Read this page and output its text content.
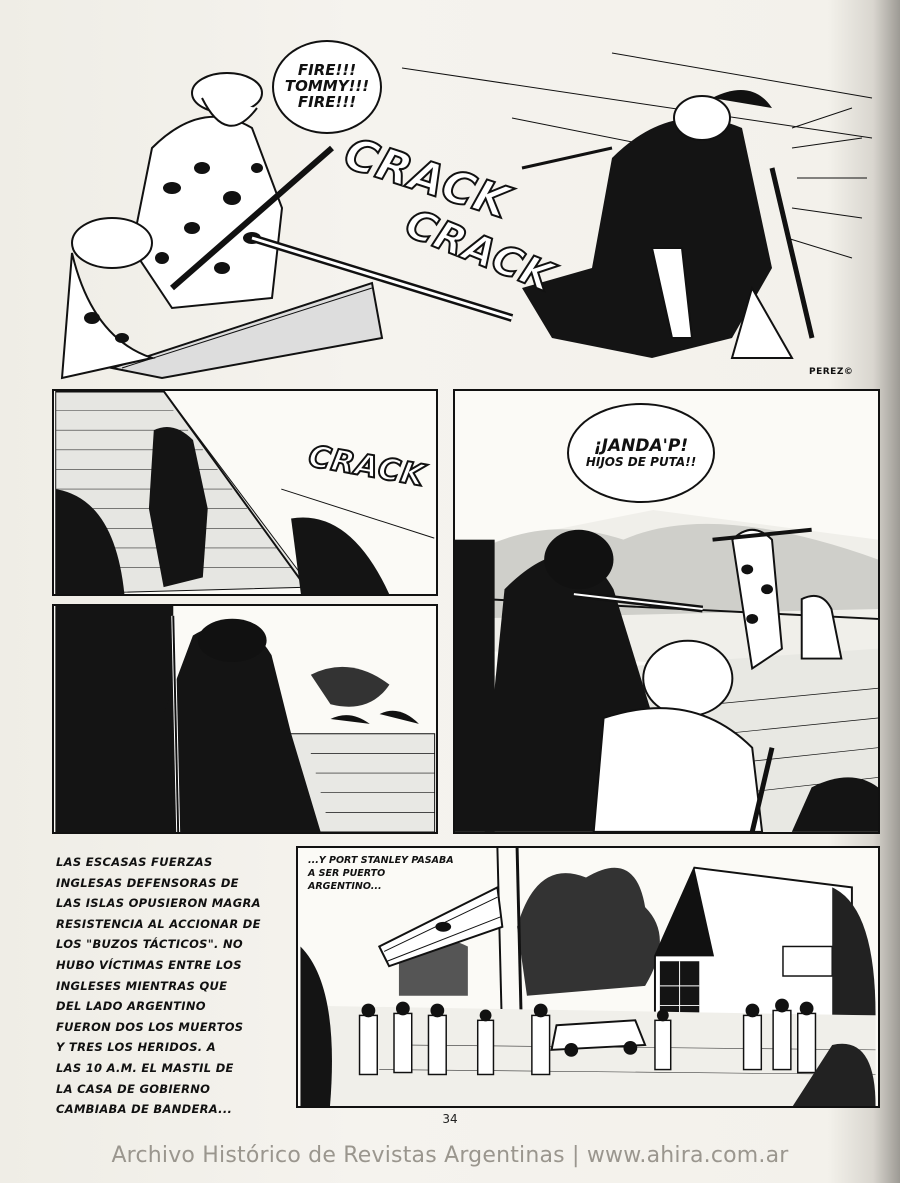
FIRE!!!
TOMMY!!!
FIRE!!!
CRACK
CRACK
PEREZ©
CRACK	¡JANDA'P!
HIJOS DE PUTA!!
LAS ESCASAS FUERZAS
INGLESAS DEFENSORAS DE
LAS ISLAS OPUSIERON MAGRA
RESISTENCIA AL ACCIONAR DE
LOS "BUZOS TÁCTICOS". NO
HUBO VÍCTIMAS ENTRE LOS
INGLESES MIENTRAS QUE
DEL LADO ARGENTINO
FUERON DOS LOS MUERTOS
Y TRES LOS HERIDOS. A
LAS 10 A.M. EL MASTIL DE
LA CASA DE GOBIERNO
CAMBIABA DE BANDERA...
...Y PORT STANLEY PASABA
A SER PUERTO
ARGENTINO...
34
Archivo Histórico de Revistas Argentinas | www.ahira.com.ar
